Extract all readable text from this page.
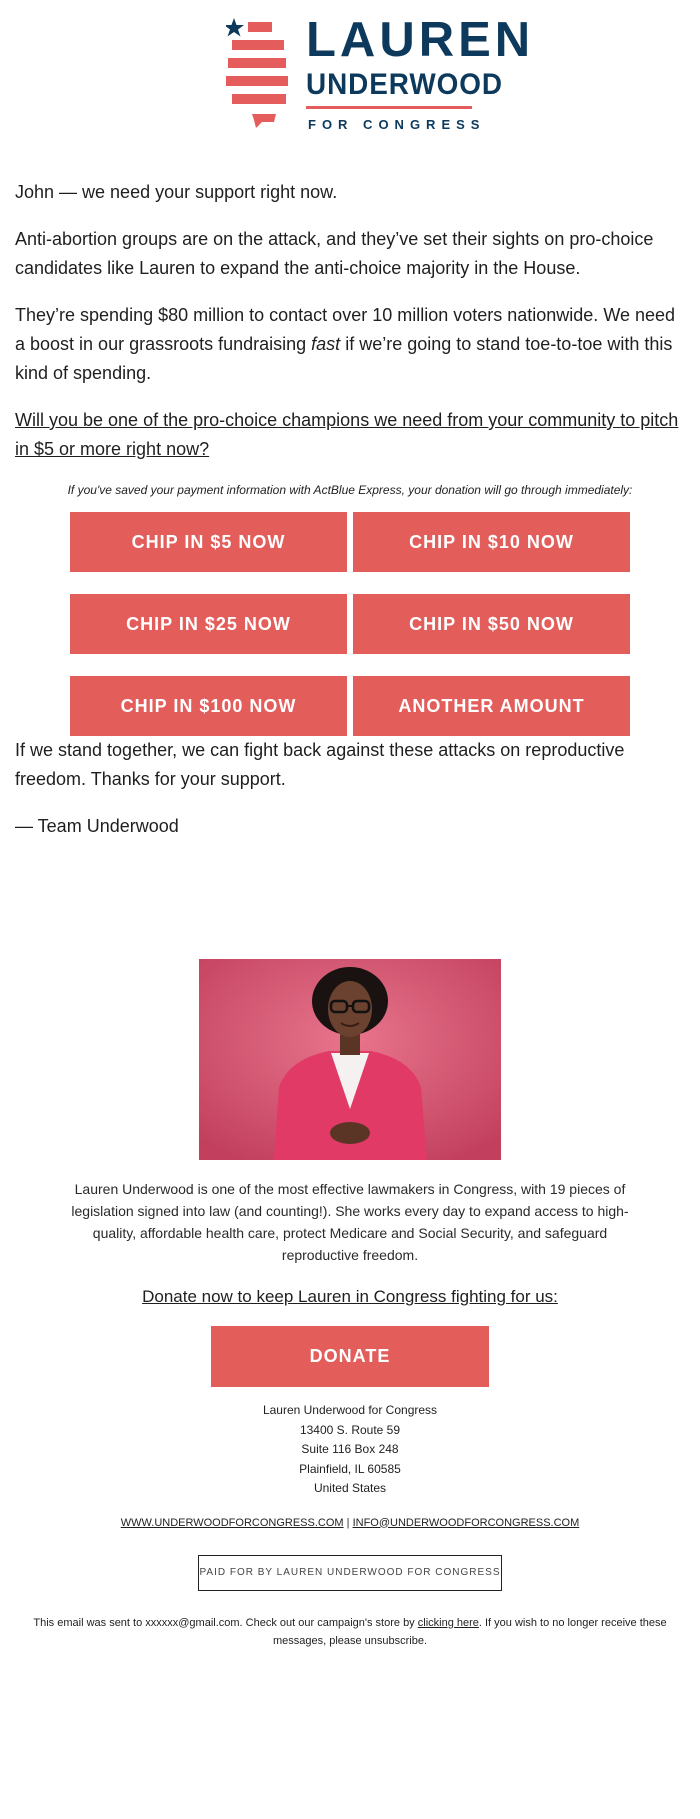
LAUREN
UNDERWOOD
FOR CONGRESS

John — we need your support right now.

Anti-abortion groups are on the attack, and they’ve set their sights on pro-choice candidates like Lauren to expand the anti-choice majority in the House.

They’re spending $80 million to contact over 10 million voters nationwide. We need a boost in our grassroots fundraising fast if we’re going to stand toe-to-toe with this kind of spending.

Will you be one of the pro-choice champions we need from your community to pitch in $5 or more right now?

If you've saved your payment information with ActBlue Express, your donation will go through immediately:

CHIP IN $5 NOW	CHIP IN $10 NOW
CHIP IN $25 NOW	CHIP IN $50 NOW
CHIP IN $100 NOW	ANOTHER AMOUNT

If we stand together, we can fight back against these attacks on reproductive freedom. Thanks for your support.

— Team Underwood

Lauren Underwood is one of the most effective lawmakers in Congress, with 19 pieces of legislation signed into law (and counting!). She works every day to expand access to high-quality, affordable health care, protect Medicare and Social Security, and safeguard reproductive freedom.

Donate now to keep Lauren in Congress fighting for us:
DONATE
Lauren Underwood for Congress
13400 S. Route 59
Suite 116 Box 248
Plainfield, IL 60585
United States
WWW.UNDERWOODFORCONGRESS.COM | INFO@UNDERWOODFORCONGRESS.COM
PAID FOR BY LAUREN UNDERWOOD FOR CONGRESS

This email was sent to xxxxxx@gmail.com. Check out our campaign's store by clicking here. If you wish to no longer receive these messages, please unsubscribe.
